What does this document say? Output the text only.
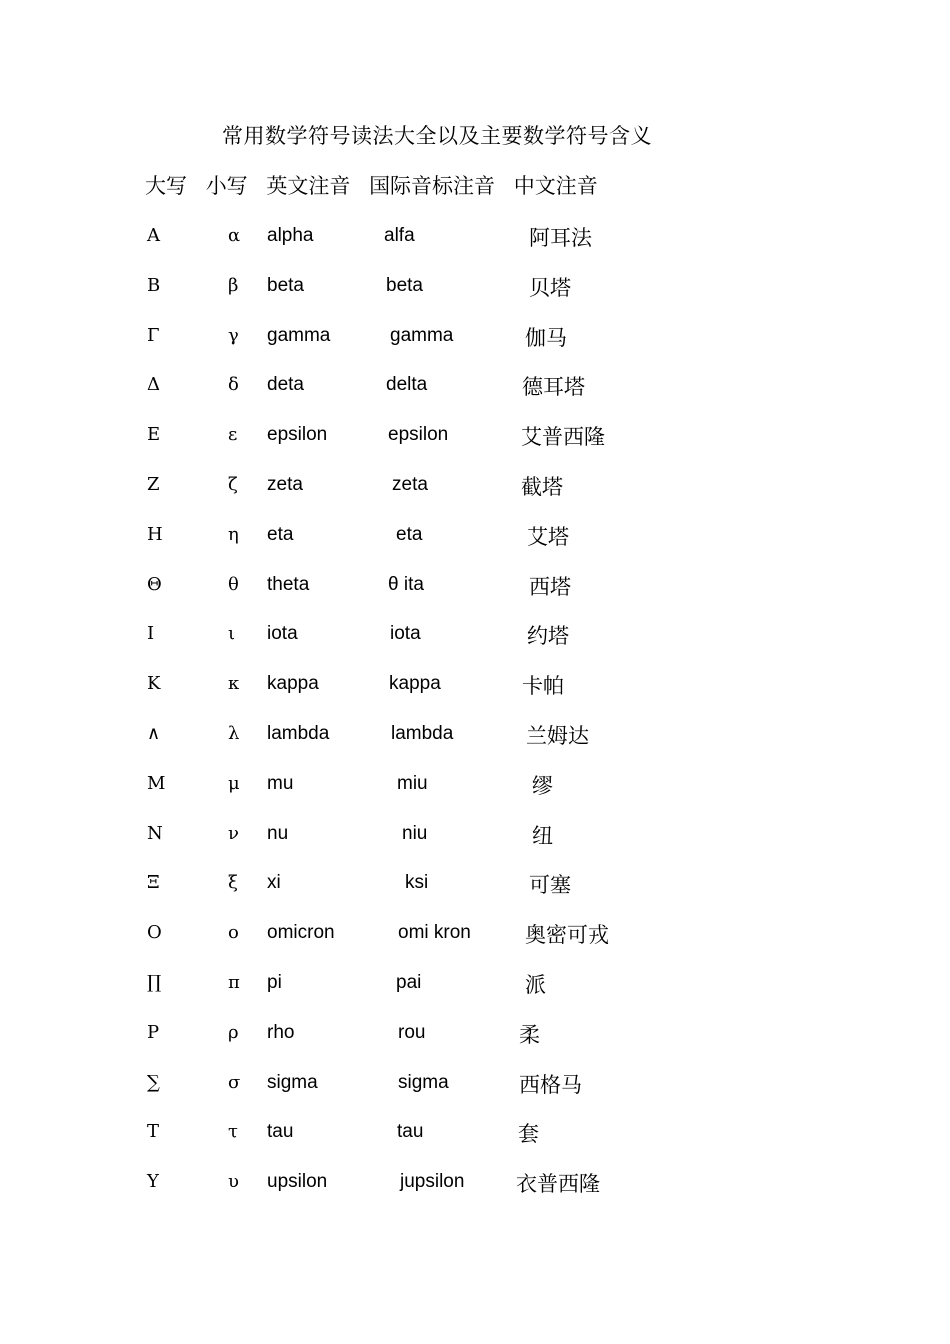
常用数学符号读法大全以及主要数学符号含义
大写 小写 英文注音 国际音标注音 中文注音
Α	α alpha	alfa	阿耳法
Β	β beta	beta	贝塔
Γ	γ gamma	gamma	伽马
Δ	δ deta	delta	德耳塔
Ε	ε epsilon	epsilon	艾普西隆
Ζ	ζ zeta	zeta	截塔
Η	η eta	eta	艾塔
Θ	θ theta	θ ita	西塔
Ι	ι iota	iota	约塔
Κ	κ kappa	kappa	卡帕
∧	λ lambda	lambda	兰姆达
Μ	μ mu	miu	缪
Ν	ν nu	niu	纽
Ξ	ξ xi	ksi	可塞
Ο	ο omicron	omi kron	奥密可戎
∏	π pi	pai	派
Ρ	ρ rho	rou	柔
∑	σ sigma	sigma	西格马
Τ	τ tau	tau	套
Υ	υ upsilon	jupsilon 衣普西隆
